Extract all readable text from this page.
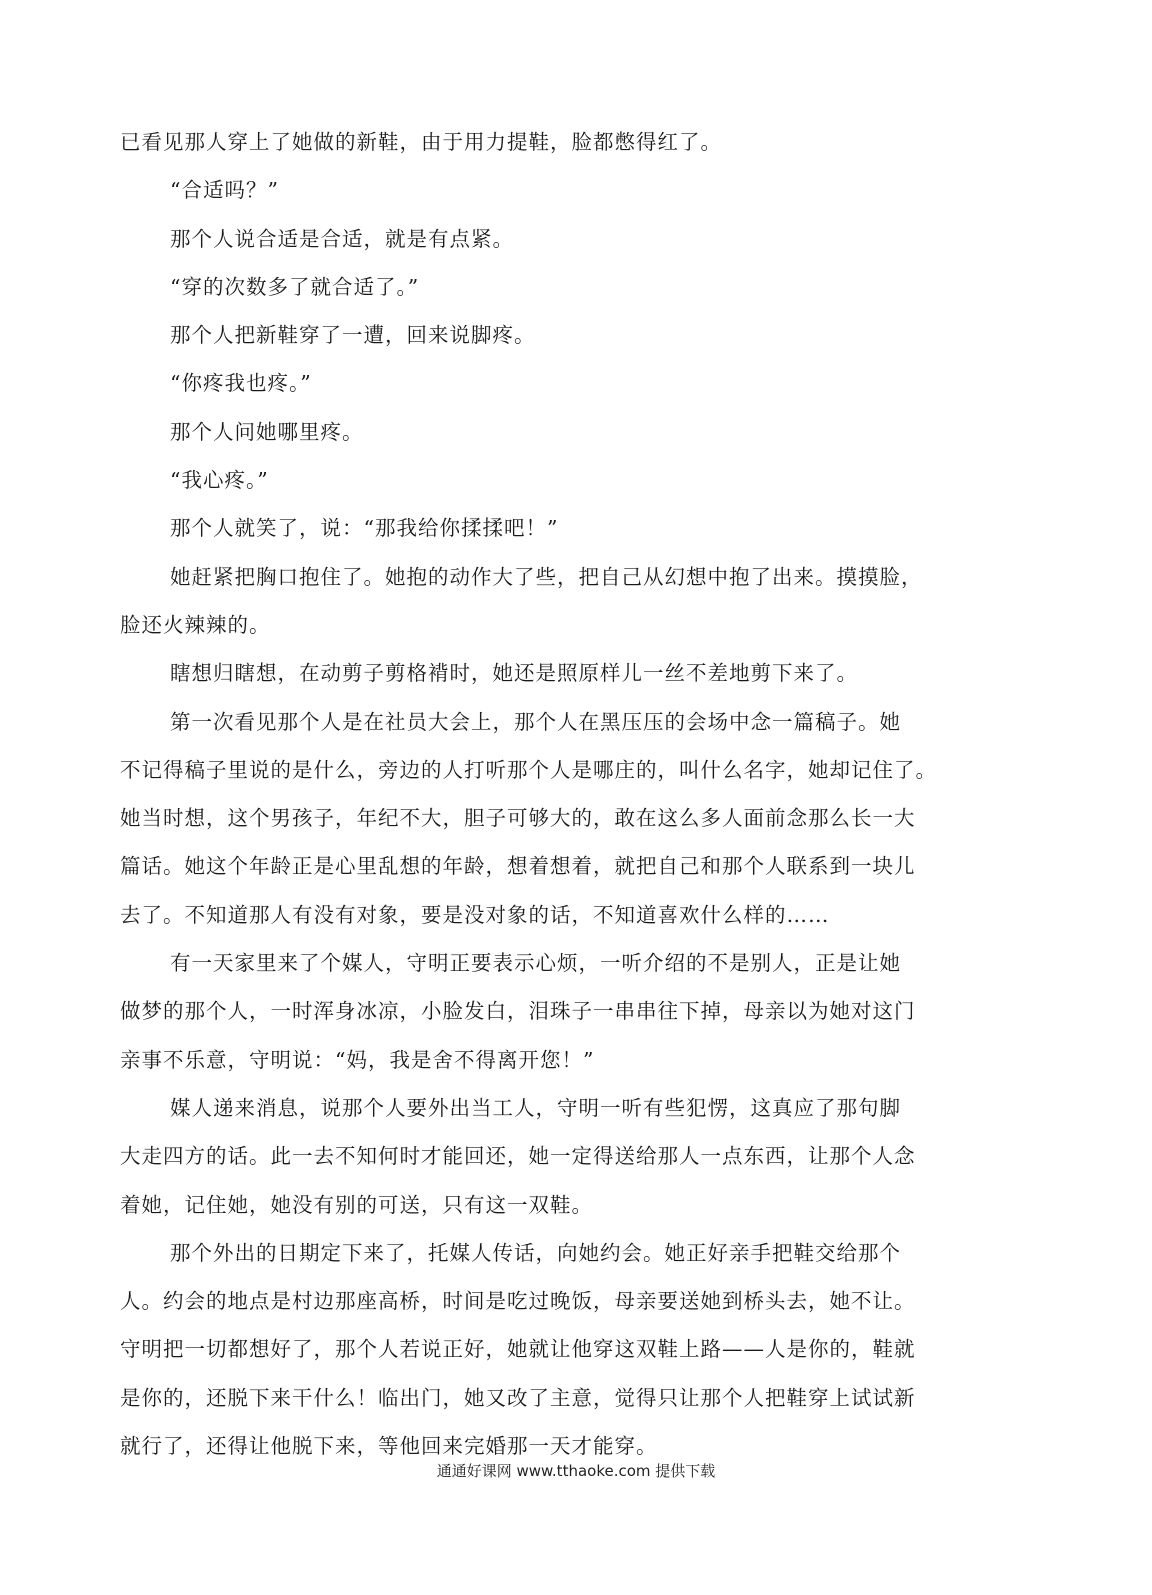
已看见那人穿上了她做的新鞋，由于用力提鞋，脸都憋得红了。
“合适吗？”
那个人说合适是合适，就是有点紧。
“穿的次数多了就合适了。”
那个人把新鞋穿了一遭，回来说脚疼。
“你疼我也疼。”
那个人问她哪里疼。
“我心疼。”
那个人就笑了，说：“那我给你揉揉吧！”
她赶紧把胸口抱住了。她抱的动作大了些，把自己从幻想中抱了出来。摸摸脸，
脸还火辣辣的。
瞎想归瞎想，在动剪子剪格褙时，她还是照原样儿一丝不差地剪下来了。
第一次看见那个人是在社员大会上，那个人在黑压压的会场中念一篇稿子。她
不记得稿子里说的是什么，旁边的人打听那个人是哪庄的，叫什么名字，她却记住了。
她当时想，这个男孩子，年纪不大，胆子可够大的，敢在这么多人面前念那么长一大
篇话。她这个年龄正是心里乱想的年龄，想着想着，就把自己和那个人联系到一块儿
去了。不知道那人有没有对象，要是没对象的话，不知道喜欢什么样的……
有一天家里来了个媒人，守明正要表示心烦，一听介绍的不是别人，正是让她
做梦的那个人，一时浑身冰凉，小脸发白，泪珠子一串串往下掉，母亲以为她对这门
亲事不乐意，守明说：“妈，我是舍不得离开您！”
媒人递来消息，说那个人要外出当工人，守明一听有些犯愣，这真应了那句脚
大走四方的话。此一去不知何时才能回还，她一定得送给那人一点东西，让那个人念
着她，记住她，她没有别的可送，只有这一双鞋。
那个外出的日期定下来了，托媒人传话，向她约会。她正好亲手把鞋交给那个
人。约会的地点是村边那座高桥，时间是吃过晚饭，母亲要送她到桥头去，她不让。
守明把一切都想好了，那个人若说正好，她就让他穿这双鞋上路——人是你的，鞋就
是你的，还脱下来干什么！临出门，她又改了主意，觉得只让那个人把鞋穿上试试新
就行了，还得让他脱下来，等他回来完婚那一天才能穿。
通通好课网 www.tthaoke.com 提供下载
